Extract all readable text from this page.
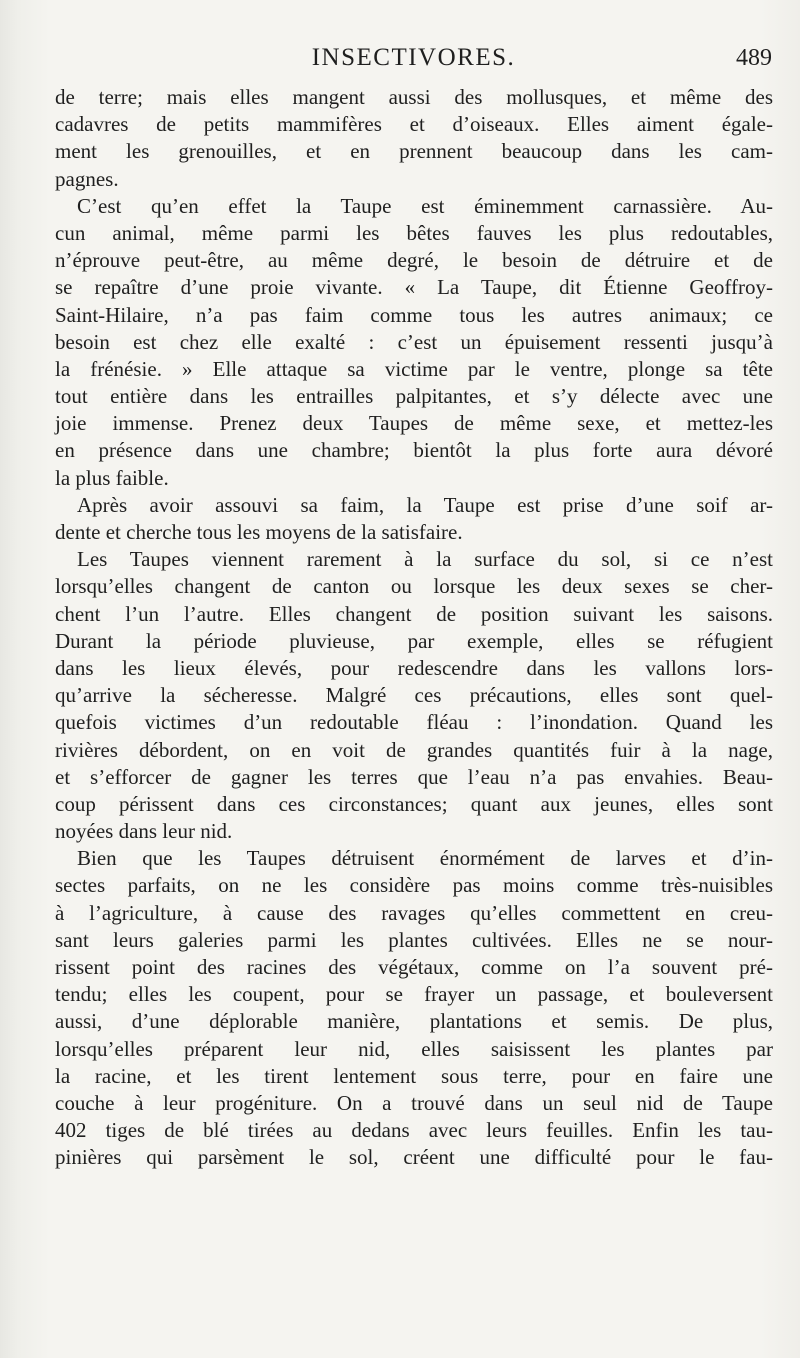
INSECTIVORES.	489
de terre; mais elles mangent aussi des mollusques, et même des
cadavres de petits mammifères et d’oiseaux. Elles aiment égale-
ment les grenouilles, et en prennent beaucoup dans les cam-
pagnes.
C’est qu’en effet la Taupe est éminemment carnassière. Au-
cun animal, même parmi les bêtes fauves les plus redoutables,
n’éprouve peut-être, au même degré, le besoin de détruire et de
se repaître d’une proie vivante. « La Taupe, dit Étienne Geoffroy-
Saint-Hilaire, n’a pas faim comme tous les autres animaux; ce
besoin est chez elle exalté : c’est un épuisement ressenti jusqu’à
la frénésie. » Elle attaque sa victime par le ventre, plonge sa tête
tout entière dans les entrailles palpitantes, et s’y délecte avec une
joie immense. Prenez deux Taupes de même sexe, et mettez-les
en présence dans une chambre; bientôt la plus forte aura dévoré
la plus faible.
Après avoir assouvi sa faim, la Taupe est prise d’une soif ar-
dente et cherche tous les moyens de la satisfaire.
Les Taupes viennent rarement à la surface du sol, si ce n’est
lorsqu’elles changent de canton ou lorsque les deux sexes se cher-
chent l’un l’autre. Elles changent de position suivant les saisons.
Durant la période pluvieuse, par exemple, elles se réfugient
dans les lieux élevés, pour redescendre dans les vallons lors-
qu’arrive la sécheresse. Malgré ces précautions, elles sont quel-
quefois victimes d’un redoutable fléau : l’inondation. Quand les
rivières débordent, on en voit de grandes quantités fuir à la nage,
et s’efforcer de gagner les terres que l’eau n’a pas envahies. Beau-
coup périssent dans ces circonstances; quant aux jeunes, elles sont
noyées dans leur nid.
Bien que les Taupes détruisent énormément de larves et d’in-
sectes parfaits, on ne les considère pas moins comme très-nuisibles
à l’agriculture, à cause des ravages qu’elles commettent en creu-
sant leurs galeries parmi les plantes cultivées. Elles ne se nour-
rissent point des racines des végétaux, comme on l’a souvent pré-
tendu; elles les coupent, pour se frayer un passage, et bouleversent
aussi, d’une déplorable manière, plantations et semis. De plus,
lorsqu’elles préparent leur nid, elles saisissent les plantes par
la racine, et les tirent lentement sous terre, pour en faire une
couche à leur progéniture. On a trouvé dans un seul nid de Taupe
402 tiges de blé tirées au dedans avec leurs feuilles. Enfin les tau-
pinières qui parsèment le sol, créent une difficulté pour le fau-
